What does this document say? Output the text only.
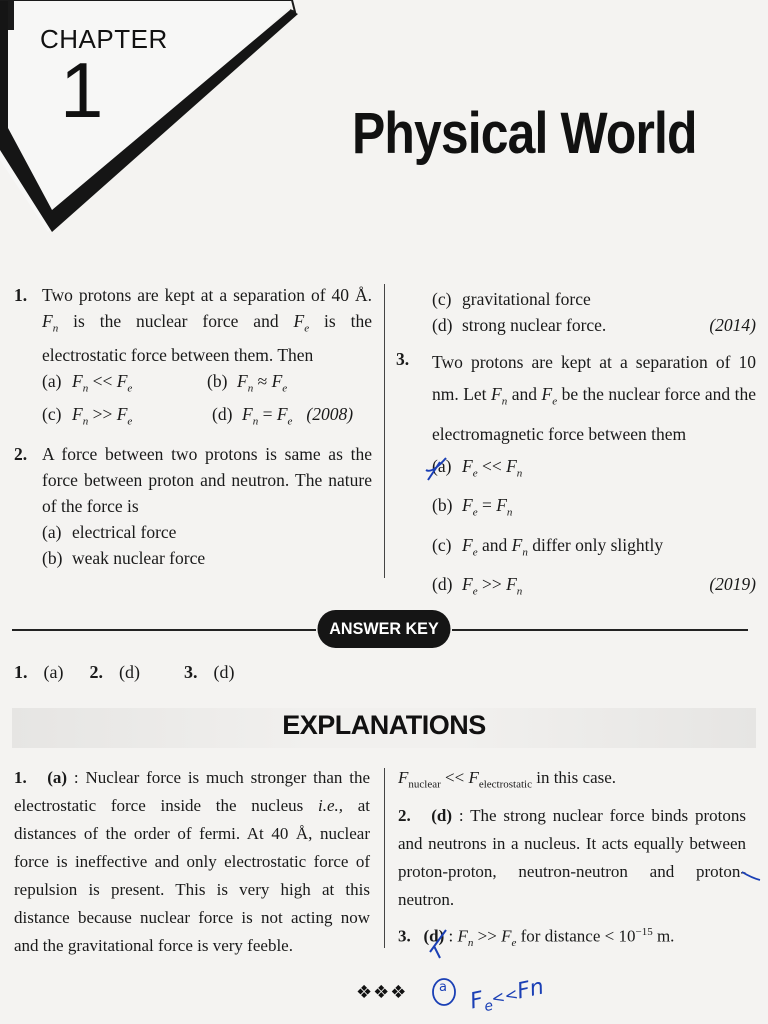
CHAPTER
1	Physical World
1. Two protons are kept at a separation of 40 Å. $F_n$ is the nuclear force and $F_e$ is the electrostatic force between them. Then
(a) $F_n << F_e$	(b) $F_n \approx F_e$
(c) $F_n >> F_e$	(d) $F_n = F_e$ (2008)
2. A force between two protons is same as the force between proton and neutron. The nature of the force is
(a) electrical force
(b) weak nuclear force
(c) gravitational force
(d) strong nuclear force.	(2014)
3. Two protons are kept at a separation of 10 nm. Let $F_n$ and $F_e$ be the nuclear force and the electromagnetic force between them
(a) $F_e << F_n$
(b) $F_e = F_n$
(c) $F_e$ and $F_n$ differ only slightly
(d) $F_e >> F_n$	(2019)
ANSWER KEY
1. (a) 2. (d) 3. (d)
EXPLANATIONS
1. (a) : Nuclear force is much stronger than the electrostatic force inside the nucleus i.e., at distances of the order of fermi. At 40 Å, nuclear force is ineffective and only electrostatic force of repulsion is present. This is very high at this distance because nuclear force is not acting now and the gravitational force is very feeble.
$F_{nuclear} << F_{electrostatic}$ in this case.
2. (d) : The strong nuclear force binds protons and neutrons in a nucleus. It acts equally between proton-proton, neutron-neutron and proton-neutron.
3. (d) : $F_n >> F_e$ for distance < $10^{-15}$ m.
❖❖❖ a $F_e<<Fn$
